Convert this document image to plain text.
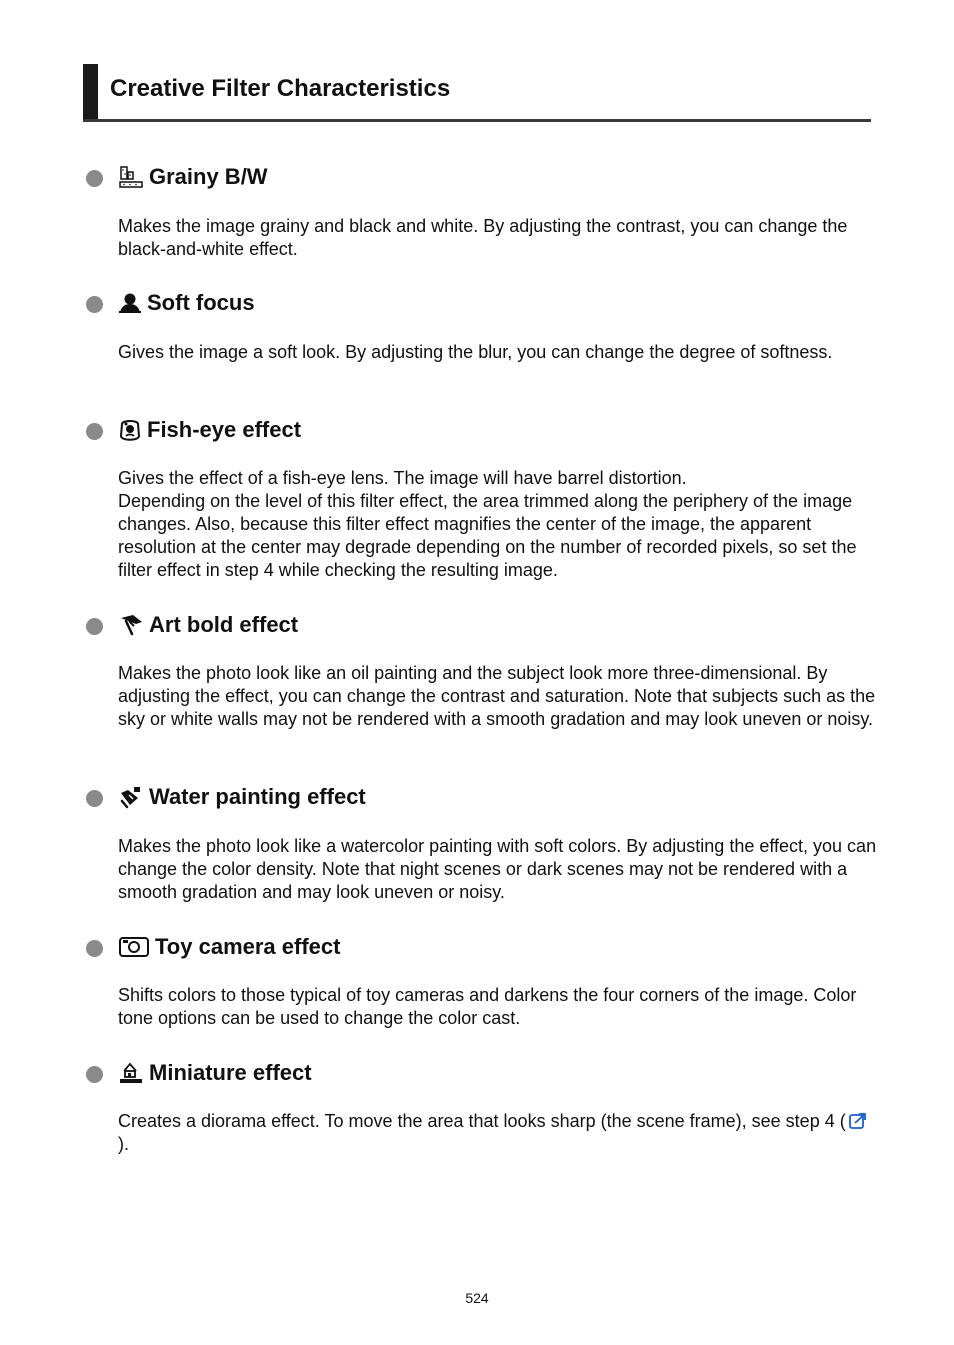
Creative Filter Characteristics
Grainy B/W

Makes the image grainy and black and white. By adjusting the contrast, you can change the black-and-white effect.

Soft focus

Gives the image a soft look. By adjusting the blur, you can change the degree of softness.

Fish-eye effect

Gives the effect of a fish-eye lens. The image will have barrel distortion.

Depending on the level of this filter effect, the area trimmed along the periphery of the image changes. Also, because this filter effect magnifies the center of the image, the apparent resolution at the center may degrade depending on the number of recorded pixels, so set the filter effect in step 4 while checking the resulting image.

Art bold effect

Makes the photo look like an oil painting and the subject look more three-dimensional. By adjusting the effect, you can change the contrast and saturation. Note that subjects such as the sky or white walls may not be rendered with a smooth gradation and may look uneven or noisy.

Water painting effect

Makes the photo look like a watercolor painting with soft colors. By adjusting the effect, you can change the color density. Note that night scenes or dark scenes may not be rendered with a smooth gradation and may look uneven or noisy.

Toy camera effect

Shifts colors to those typical of toy cameras and darkens the four corners of the image. Color tone options can be used to change the color cast.

Miniature effect

Creates a diorama effect. To move the area that looks sharp (the scene frame), see step 4 ().

524
